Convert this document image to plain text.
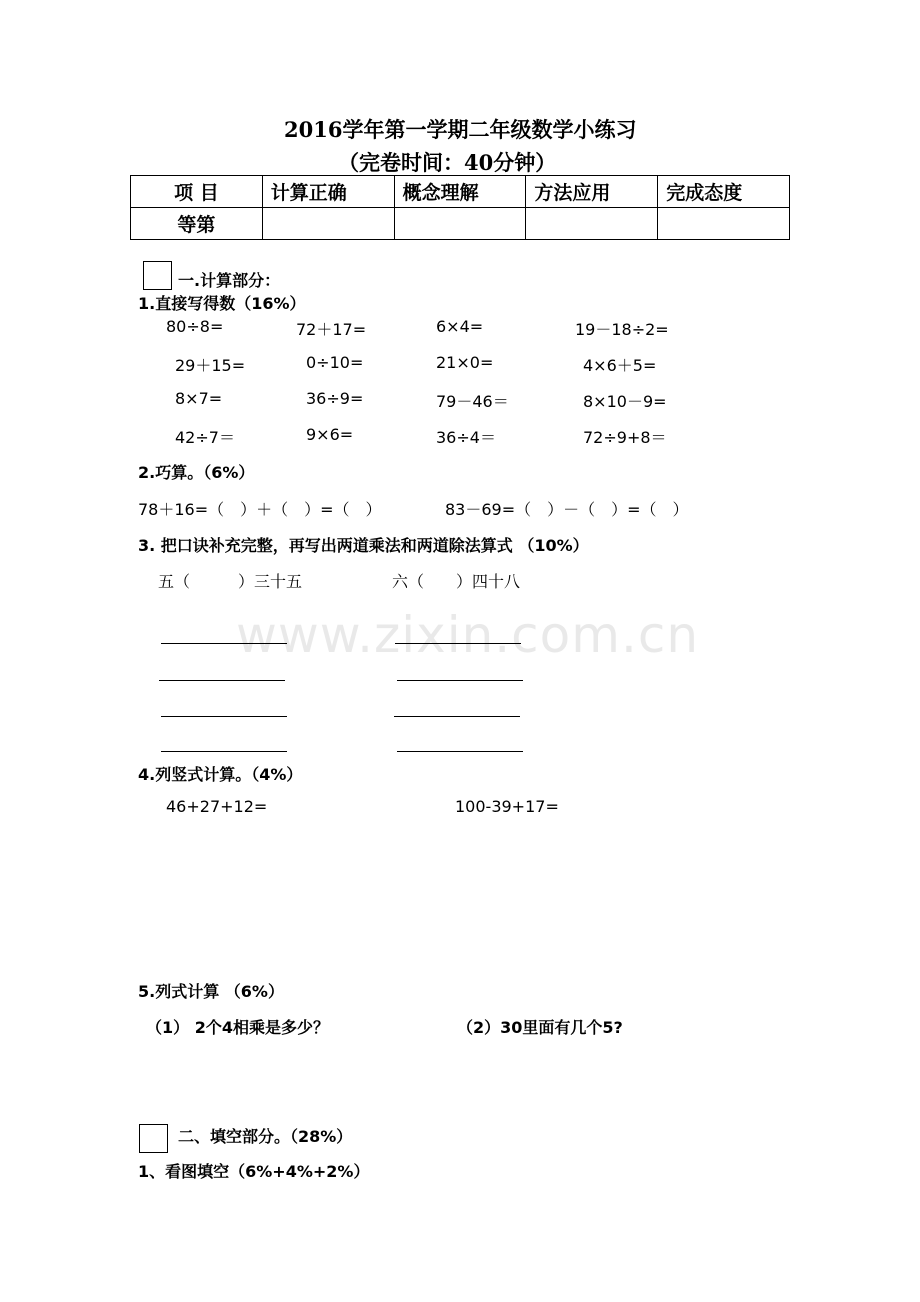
2016学年第一学期二年级数学小练习
（完卷时间：40分钟）
项 目	计算正确	概念理解	方法应用	完成态度
等第				
一.计算部分：
1.直接写得数（16%）
80÷8=	72＋17=	6×4=	19－18÷2=
29＋15=	0÷10=	21×0=	4×6＋5=
8×7=	36÷9=	79－46＝	8×10－9=
42÷7＝	9×6=	36÷4＝	72÷9+8＝
2.巧算。（6%）
78＋16=（　）＋（　）=（　）	83－69=（　）－（　）=（　）
3. 把口诀补充完整，再写出两道乘法和两道除法算式 （10%）
五（　　　）三十五	六（　　）四十八
www.zixin.com.cn
4.列竖式计算。（4%）
46+27+12=	100-39+17=
5.列式计算 （6%）
（1） 2个4相乘是多少？	（2）30里面有几个5?
二、填空部分。（28%）
1、看图填空（6%+4%+2%）
